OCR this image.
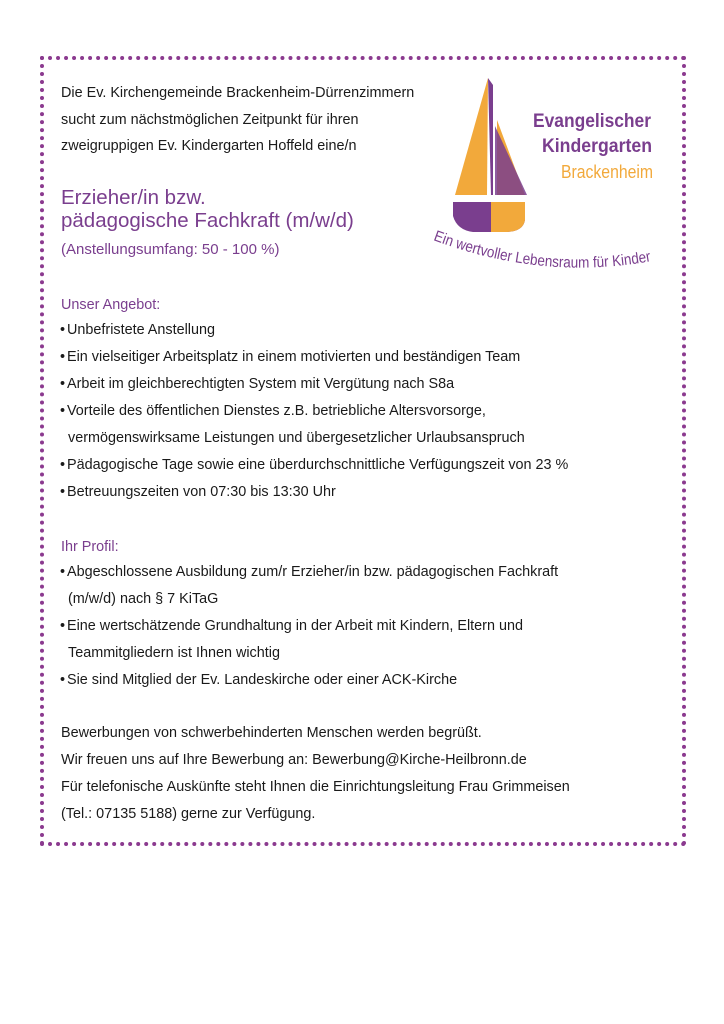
Die Ev. Kirchengemeinde Brackenheim-Dürrenzimmern
sucht zum nächstmöglichen Zeitpunkt für ihren
zweigruppigen Ev. Kindergarten Hoffeld eine/n
Evangelischer
Kindergarten
Brackenheim
Ein wertvoller Lebensraum für Kinder
Erzieher/in bzw.
pädagogische Fachkraft (m/w/d)
(Anstellungsumfang: 50 - 100 %)
Unser Angebot:
• Unbefristete Anstellung
• Ein vielseitiger Arbeitsplatz in einem motivierten und beständigen Team
• Arbeit im gleichberechtigten System mit Vergütung nach S8a
• Vorteile des öffentlichen Dienstes z.B. betriebliche Altersvorsorge,
vermögenswirksame Leistungen und übergesetzlicher Urlaubsanspruch
• Pädagogische Tage sowie eine überdurchschnittliche Verfügungszeit von 23 %
• Betreuungszeiten von 07:30 bis 13:30 Uhr
Ihr Profil:
• Abgeschlossene Ausbildung zum/r Erzieher/in bzw. pädagogischen Fachkraft
(m/w/d) nach § 7 KiTaG
• Eine wertschätzende Grundhaltung in der Arbeit mit Kindern, Eltern und
Teammitgliedern ist Ihnen wichtig
• Sie sind Mitglied der Ev. Landeskirche oder einer ACK-Kirche
Bewerbungen von schwerbehinderten Menschen werden begrüßt.
Wir freuen uns auf Ihre Bewerbung an: Bewerbung@Kirche-Heilbronn.de
Für telefonische Auskünfte steht Ihnen die Einrichtungsleitung Frau Grimmeisen
(Tel.: 07135 5188) gerne zur Verfügung.
